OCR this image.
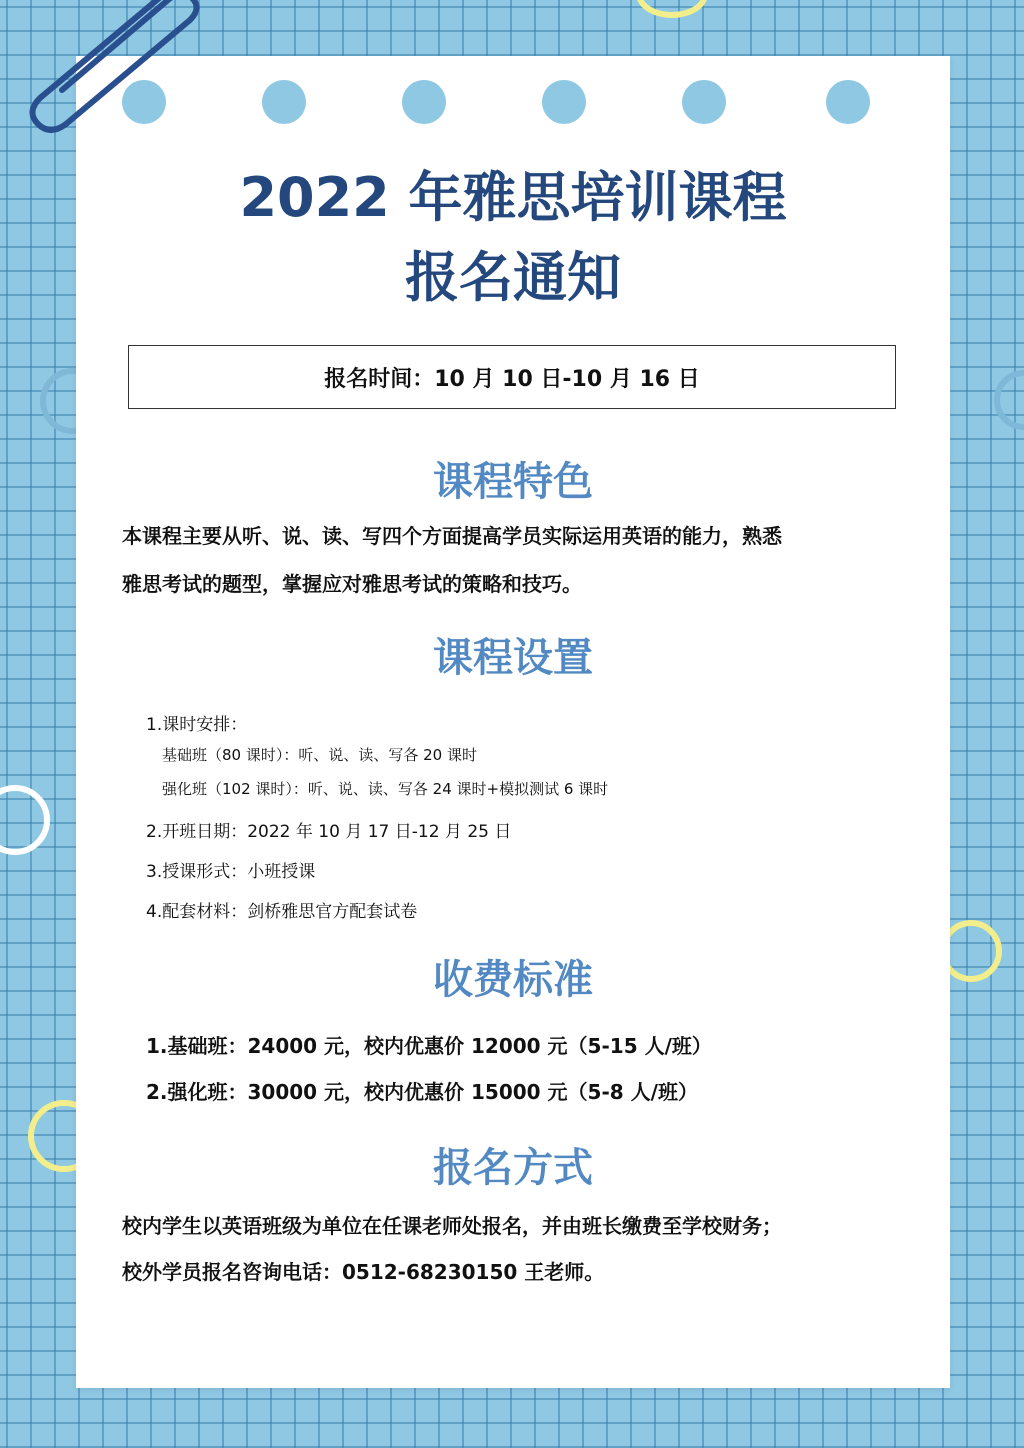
2022 年雅思培训课程
报名通知
报名时间：10 月 10 日-10 月 16 日
课程特色

本课程主要从听、说、读、写四个方面提高学员实际运用英语的能力，熟悉

雅思考试的题型，掌握应对雅思考试的策略和技巧。

课程设置

1.课时安排：

基础班（80 课时）：听、说、读、写各 20 课时

强化班（102 课时）：听、说、读、写各 24 课时+模拟测试 6 课时

2.开班日期：2022 年 10 月 17 日-12 月 25 日

3.授课形式：小班授课

4.配套材料：剑桥雅思官方配套试卷

收费标准

1.基础班：24000 元，校内优惠价 12000 元（5-15 人/班）

2.强化班：30000 元，校内优惠价 15000 元（5-8 人/班）

报名方式

校内学生以英语班级为单位在任课老师处报名，并由班长缴费至学校财务；

校外学员报名咨询电话：0512-68230150 王老师。
